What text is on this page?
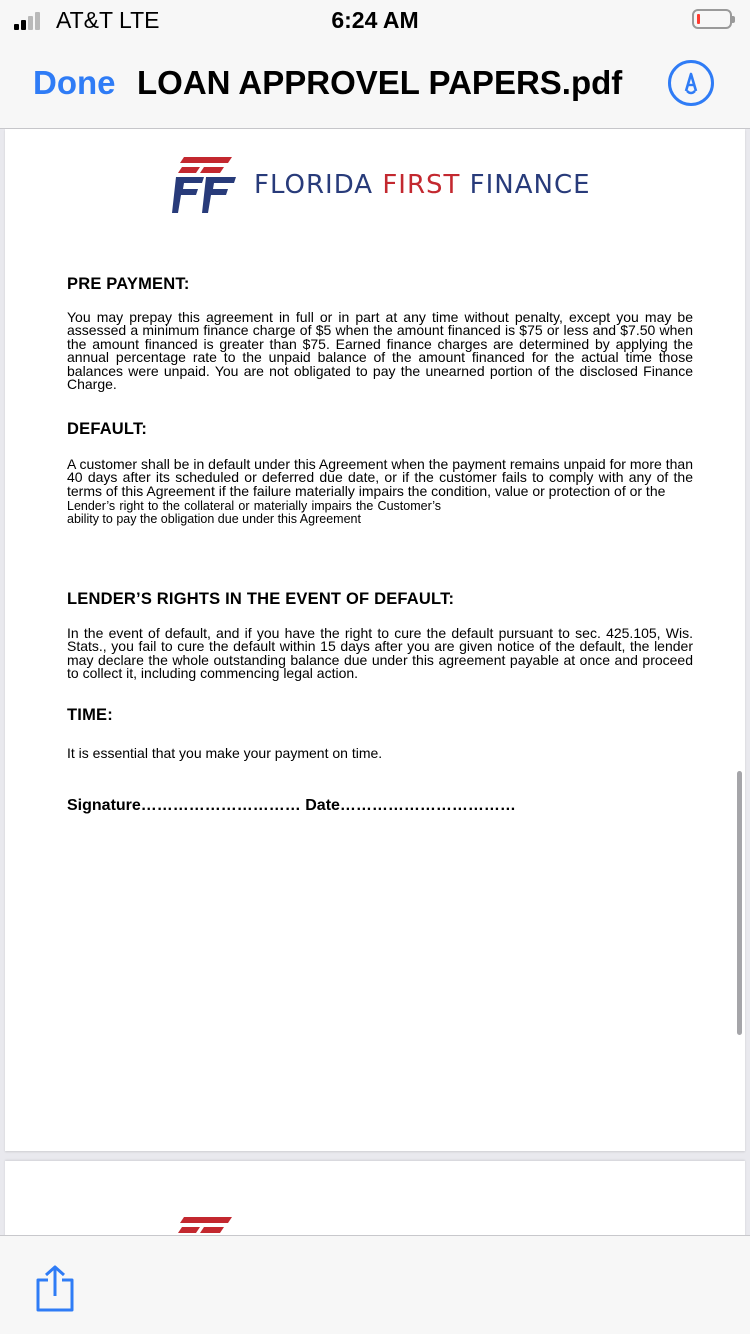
AT&T LTE	6:24 AM
Done LOAN APPROVEL PAPERS.pdf
FLORIDA FIRST FINANCE
PRE PAYMENT:
You may prepay this agreement in full or in part at any time without penalty, except you may be assessed a minimum finance charge of $5 when the amount financed is $75 or less and $7.50 when the amount financed is greater than $75. Earned finance charges are determined by applying the annual percentage rate to the unpaid balance of the amount financed for the actual time those balances were unpaid. You are not obligated to pay the unearned portion of the disclosed Finance Charge.
DEFAULT:
A customer shall be in default under this Agreement when the payment remains unpaid for more than 40 days after its scheduled or deferred due date, or if the customer fails to comply with any of the terms of this Agreement if the failure materially impairs the condition, value or protection of or the
Lender’s right to the collateral or materially impairs the Customer’s ability to pay the obligation due under this Agreement
LENDER’S RIGHTS IN THE EVENT OF DEFAULT:
In the event of default, and if you have the right to cure the default pursuant to sec. 425.105, Wis. Stats., you fail to cure the default within 15 days after you are given notice of the default, the lender may declare the whole outstanding balance due under this agreement payable at once and proceed to collect it, including commencing legal action.
TIME:
It is essential that you make your payment on time.
Signature………………………… Date……………………………
